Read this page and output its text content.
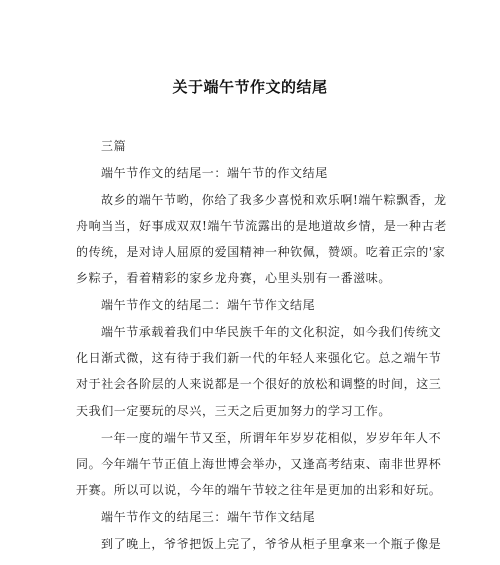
关于端午节作文的结尾
三篇
端午节作文的结尾一：端午节的作文结尾
故乡的端午节哟，你给了我多少喜悦和欢乐啊!端午粽飘香，龙
舟响当当，好事成双双!端午节流露出的是地道故乡情，是一种古老
的传统，是对诗人屈原的爱国精神一种钦佩，赞颂。吃着正宗的'家
乡粽子，看着精彩的家乡龙舟赛，心里头别有一番滋味。
端午节作文的结尾二：端午节作文结尾
端午节承载着我们中华民族千年的文化积淀，如今我们传统文
化日渐式微，这有待于我们新一代的年轻人来强化它。总之端午节
对于社会各阶层的人来说都是一个很好的放松和调整的时间，这三
天我们一定要玩的尽兴，三天之后更加努力的学习工作。
一年一度的端午节又至，所谓年年岁岁花相似，岁岁年年人不
同。今年端午节正值上海世博会举办，又逢高考结束、南非世界杯
开赛。所以可以说，今年的端午节较之往年是更加的出彩和好玩。
端午节作文的结尾三：端午节作文结尾
到了晚上，爷爷把饭上完了，爷爷从柜子里拿来一个瓶子像是
